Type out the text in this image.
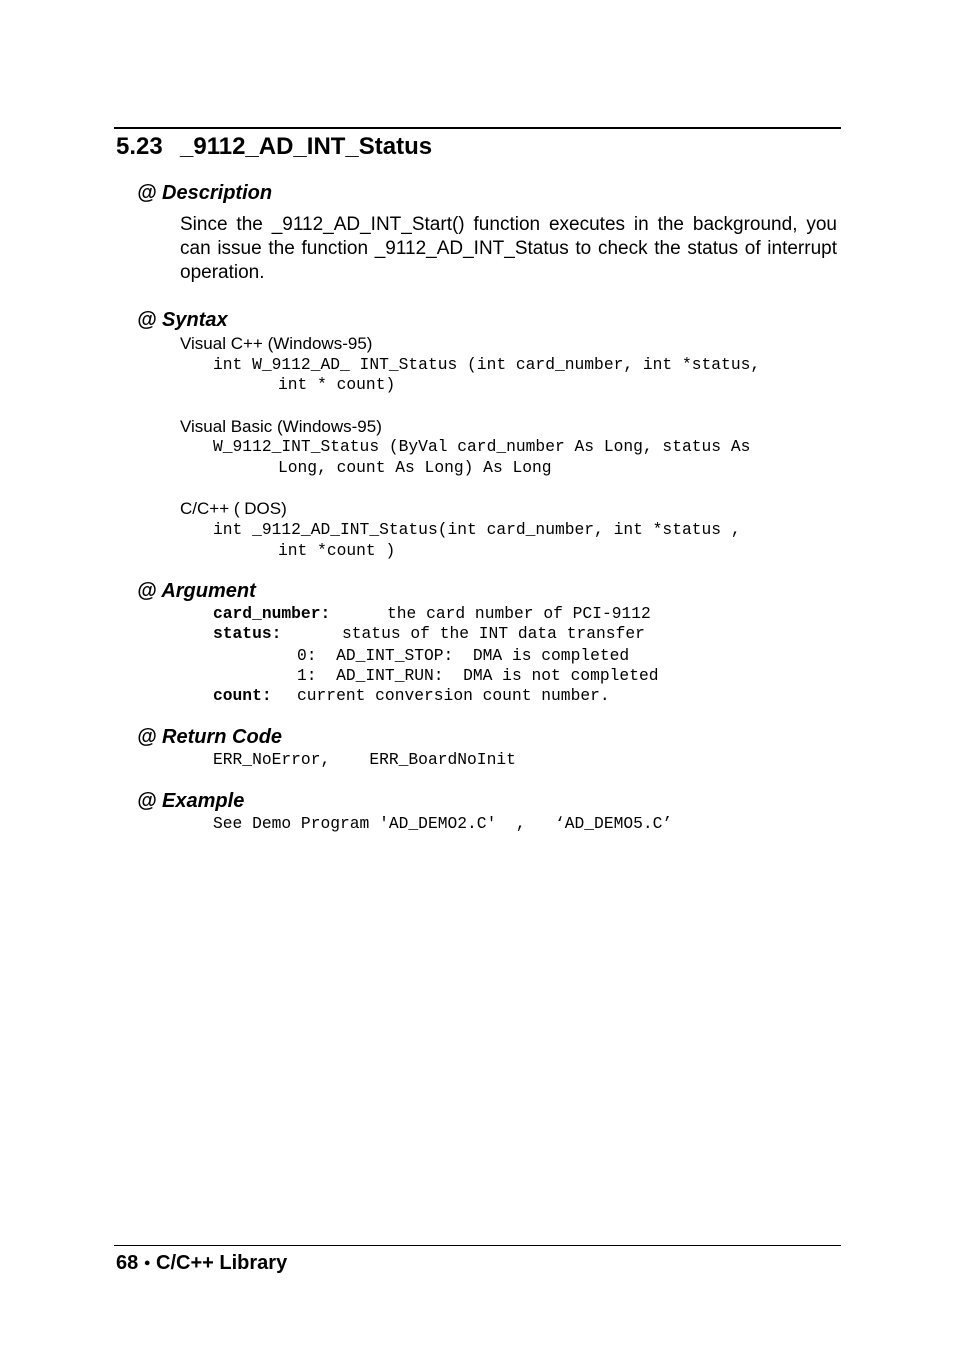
5.23 _9112_AD_INT_Status
@ Description
Since the _9112_AD_INT_Start() function executes in the background, you can issue the function _9112_AD_INT_Status to check the status of interrupt operation.
@ Syntax
Visual C++ (Windows-95)
int W_9112_AD_ INT_Status (int card_number, int *status,
int * count)
Visual Basic (Windows-95)
W_9112_INT_Status (ByVal card_number As Long, status As
Long, count As Long) As Long
C/C++ ( DOS)
int _9112_AD_INT_Status(int card_number, int *status ,
int *count )
@ Argument
card_number:	the card number of PCI-9112
status:	status of the INT data transfer
0:  AD_INT_STOP:  DMA is completed
1:  AD_INT_RUN:  DMA is not completed
count: current conversion count number.
@ Return Code
ERR_NoError,    ERR_BoardNoInit
@ Example
See Demo Program 'AD_DEMO2.C'  ,   ‘AD_DEMO5.C’
68 ● C/C++ Library
